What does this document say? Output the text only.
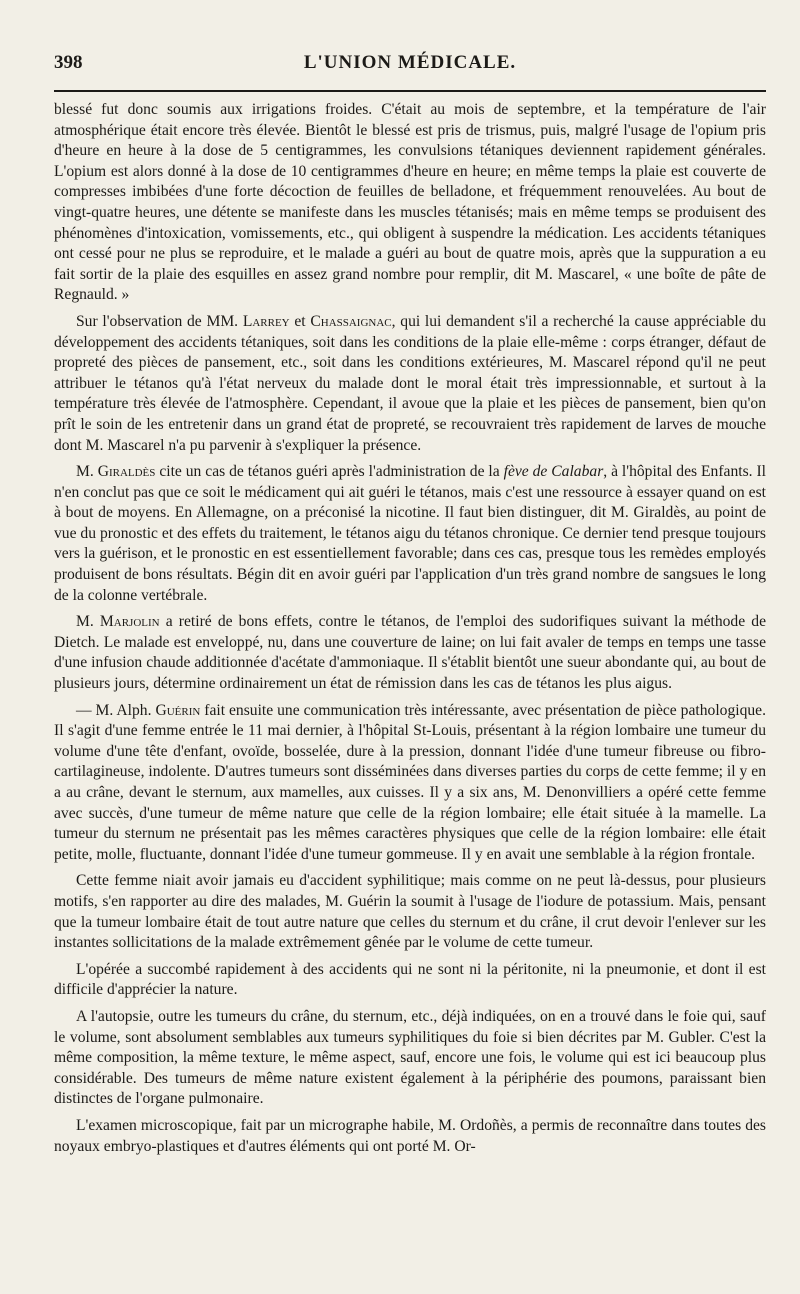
398	L'UNION MÉDICALE.

blessé fut donc soumis aux irrigations froides. C'était au mois de septembre, et la température de l'air atmosphérique était encore très élevée. Bientôt le blessé est pris de trismus, puis, malgré l'usage de l'opium pris d'heure en heure à la dose de 5 centigrammes, les convulsions tétaniques deviennent rapidement générales. L'opium est alors donné à la dose de 10 centigrammes d'heure en heure; en même temps la plaie est couverte de compresses imbibées d'une forte décoction de feuilles de belladone, et fréquemment renouvelées. Au bout de vingt-quatre heures, une détente se manifeste dans les muscles tétanisés; mais en même temps se produisent des phénomènes d'intoxication, vomissements, etc., qui obligent à suspendre la médication. Les accidents tétaniques ont cessé pour ne plus se reproduire, et le malade a guéri au bout de quatre mois, après que la suppuration a eu fait sortir de la plaie des esquilles en assez grand nombre pour remplir, dit M. Mascarel, « une boîte de pâte de Regnauld. »

Sur l'observation de MM. Larrey et Chassaignac, qui lui demandent s'il a recherché la cause appréciable du développement des accidents tétaniques, soit dans les conditions de la plaie elle-même : corps étranger, défaut de propreté des pièces de pansement, etc., soit dans les conditions extérieures, M. Mascarel répond qu'il ne peut attribuer le tétanos qu'à l'état nerveux du malade dont le moral était très impressionnable, et surtout à la température très élevée de l'atmosphère. Cependant, il avoue que la plaie et les pièces de pansement, bien qu'on prît le soin de les entretenir dans un grand état de propreté, se recouvraient très rapidement de larves de mouche dont M. Mascarel n'a pu parvenir à s'expliquer la présence.

M. Giraldès cite un cas de tétanos guéri après l'administration de la fève de Calabar, à l'hôpital des Enfants. Il n'en conclut pas que ce soit le médicament qui ait guéri le tétanos, mais c'est une ressource à essayer quand on est à bout de moyens. En Allemagne, on a préconisé la nicotine. Il faut bien distinguer, dit M. Giraldès, au point de vue du pronostic et des effets du traitement, le tétanos aigu du tétanos chronique. Ce dernier tend presque toujours vers la guérison, et le pronostic en est essentiellement favorable; dans ces cas, presque tous les remèdes employés produisent de bons résultats. Bégin dit en avoir guéri par l'application d'un très grand nombre de sangsues le long de la colonne vertébrale.

M. Marjolin a retiré de bons effets, contre le tétanos, de l'emploi des sudorifiques suivant la méthode de Dietch. Le malade est enveloppé, nu, dans une couverture de laine; on lui fait avaler de temps en temps une tasse d'une infusion chaude additionnée d'acétate d'ammoniaque. Il s'établit bientôt une sueur abondante qui, au bout de plusieurs jours, détermine ordinairement un état de rémission dans les cas de tétanos les plus aigus.

— M. Alph. Guérin fait ensuite une communication très intéressante, avec présentation de pièce pathologique. Il s'agit d'une femme entrée le 11 mai dernier, à l'hôpital St-Louis, présentant à la région lombaire une tumeur du volume d'une tête d'enfant, ovoïde, bosselée, dure à la pression, donnant l'idée d'une tumeur fibreuse ou fibro-cartilagineuse, indolente. D'autres tumeurs sont disséminées dans diverses parties du corps de cette femme; il y en a au crâne, devant le sternum, aux mamelles, aux cuisses. Il y a six ans, M. Denonvilliers a opéré cette femme avec succès, d'une tumeur de même nature que celle de la région lombaire; elle était située à la mamelle. La tumeur du sternum ne présentait pas les mêmes caractères physiques que celle de la région lombaire: elle était petite, molle, fluctuante, donnant l'idée d'une tumeur gommeuse. Il y en avait une semblable à la région frontale.

Cette femme niait avoir jamais eu d'accident syphilitique; mais comme on ne peut là-dessus, pour plusieurs motifs, s'en rapporter au dire des malades, M. Guérin la soumit à l'usage de l'iodure de potassium. Mais, pensant que la tumeur lombaire était de tout autre nature que celles du sternum et du crâne, il crut devoir l'enlever sur les instantes sollicitations de la malade extrêmement gênée par le volume de cette tumeur.

L'opérée a succombé rapidement à des accidents qui ne sont ni la péritonite, ni la pneumonie, et dont il est difficile d'apprécier la nature.

A l'autopsie, outre les tumeurs du crâne, du sternum, etc., déjà indiquées, on en a trouvé dans le foie qui, sauf le volume, sont absolument semblables aux tumeurs syphilitiques du foie si bien décrites par M. Gubler. C'est la même composition, la même texture, le même aspect, sauf, encore une fois, le volume qui est ici beaucoup plus considérable. Des tumeurs de même nature existent également à la périphérie des poumons, paraissant bien distinctes de l'organe pulmonaire.

L'examen microscopique, fait par un micrographe habile, M. Ordoñès, a permis de reconnaître dans toutes des noyaux embryo-plastiques et d'autres éléments qui ont porté M. Or-
